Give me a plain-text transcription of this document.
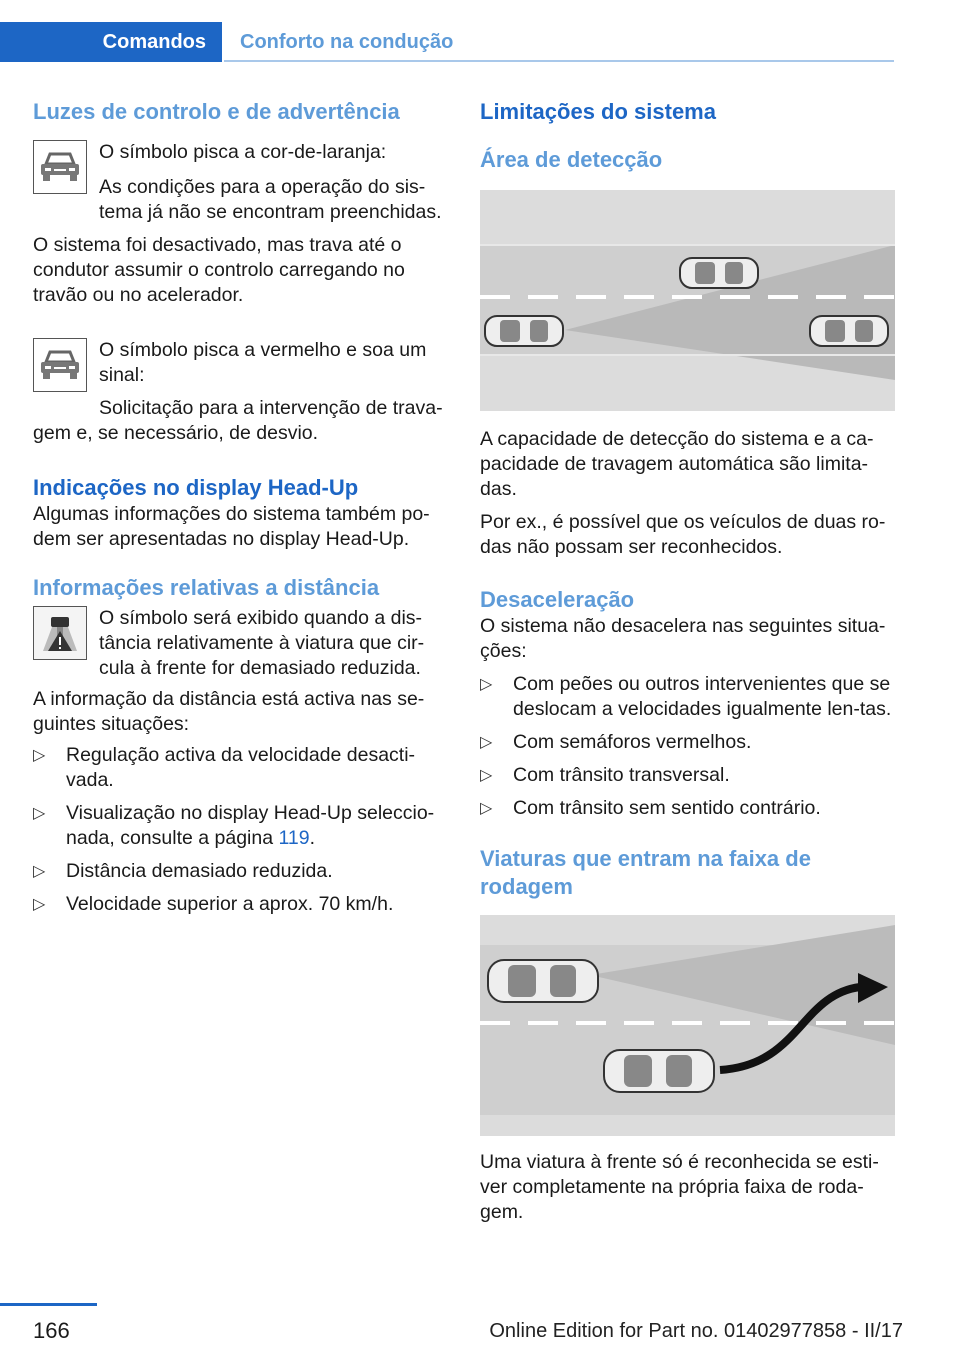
Comandos	Conforto na condução
Luzes de controlo e de advertência

O símbolo pisca a cor-de-laranja:

As condições para a operação do sis-tema já não se encontram preenchidas.

O sistema foi desactivado, mas trava até o condutor assumir o controlo carregando no travão ou no acelerador.

O símbolo pisca a vermelho e soa um sinal:

Solicitação para a intervenção de trava-gem e, se necessário, de desvio.

Indicações no display Head-Up

Algumas informações do sistema também po-dem ser apresentadas no display Head-Up.

Informações relativas a distância

O símbolo será exibido quando a dis-tância relativamente à viatura que cir-cula à frente for demasiado reduzida.

A informação da distância está activa nas se-guintes situações:

▷ Regulação activa da velocidade desacti-vada.
▷ Visualização no display Head-Up seleccio-nada, consulte a página 119.
▷ Distância demasiado reduzida.
▷ Velocidade superior a aprox. 70 km/h.
Limitações do sistema
Área de detecção

A capacidade de detecção do sistema e a ca-pacidade de travagem automática são limita-das.

Por ex., é possível que os veículos de duas ro-das não possam ser reconhecidos.

Desaceleração

O sistema não desacelera nas seguintes situa-ções:

▷ Com peões ou outros intervenientes que se deslocam a velocidades igualmente len-tas.
▷ Com semáforos vermelhos.
▷ Com trânsito transversal.
▷ Com trânsito sem sentido contrário.
Viaturas que entram na faixa de rodagem

Uma viatura à frente só é reconhecida se esti-ver completamente na própria faixa de roda-gem.

166	Online Edition for Part no. 01402977858 - II/17
